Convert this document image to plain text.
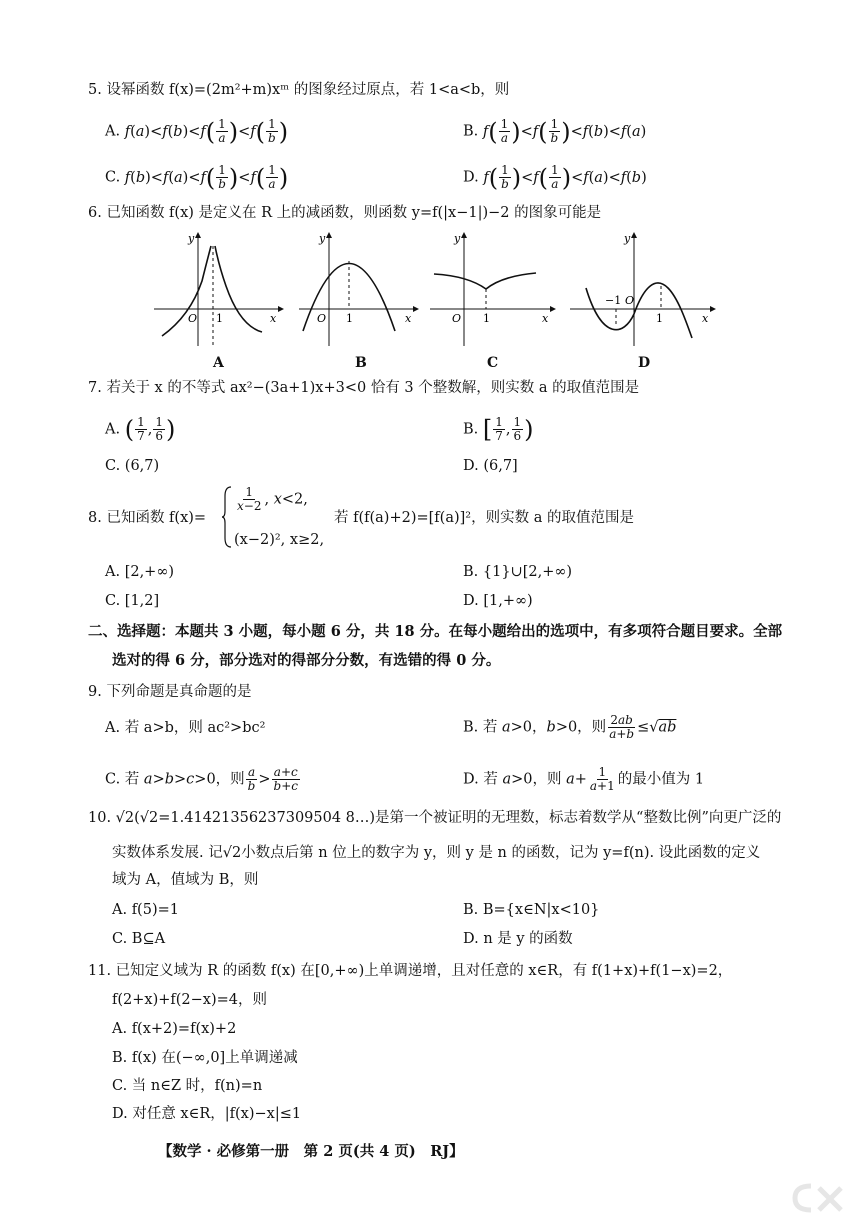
5. 设幂函数 f(x)=(2m²+m)xᵐ 的图象经过原点，若 1<a<b，则
A. $f(a)<f(b)<f( \frac{1}{a} )<f( \frac{1}{b}$ )	B. $f( \frac{1}{a} )<f( \frac{1}{b} )<f(b)<f(a)$
C. $f(b)<f(a)<f( \frac{1}{b} )<f( \frac{1}{a}$ )	D. $f( \frac{1}{b} )<f( \frac{1}{a} )<f(a)<f(b)$
6. 已知函数 f(x) 是定义在 R 上的减函数，则函数 y=f(|x−1|)−2 的图象可能是
y
x
O 1
y
x
O 1
y
x
O 1
y
x
O
−1
1
A	B	C	D
7. 若关于 x 的不等式 ax²−(3a+1)x+3<0 恰有 3 个整数解，则实数 a 的取值范围是
A. ( $\frac{1}{7}$ , $\frac{1}{6}$ )	B. [ $\frac{1}{7}$ , $\frac{1}{6}$ )
C. (6,7)	D. (6,7]
8. 已知函数 f(x)=
$\frac{1}{x-2}$ , x<2,
(x−2)², x≥2,
若 f(f(a)+2)=[f(a)]²，则实数 a 的取值范围是
A. [2,+∞)	B. {1}∪[2,+∞)
C. [1,2]	D. [1,+∞)
二、选择题：本题共 3 小题，每小题 6 分，共 18 分。在每小题给出的选项中，有多项符合题目要求。全部
选对的得 6 分，部分选对的得部分分数，有选错的得 0 分。
9. 下列命题是真命题的是
A. 若 a>b，则 ac²>bc²	B. 若 a>0，b>0，则 $\frac{2ab}{a+b} \le√ab$
C. 若 a>b>c>0，则 $\frac{a}{b} > \frac{a+c}{b+c}$	D. 若 a>0，则 $a+ \frac{1}{a+1}$ 的最小值为 1
10. √2(√2=1.41421356237309504 8…)是第一个被证明的无理数，标志着数学从“整数比例”向更广泛的
实数体系发展. 记√2小数点后第 n 位上的数字为 y，则 y 是 n 的函数，记为 y=f(n). 设此函数的定义
域为 A，值域为 B，则
A. f(5)=1	B. B={x∈N|x<10}
C. B⊆A	D. n 是 y 的函数
11. 已知定义域为 R 的函数 f(x) 在[0,+∞)上单调递增，且对任意的 x∈R，有 f(1+x)+f(1−x)=2，
f(2+x)+f(2−x)=4，则
A. f(x+2)=f(x)+2
B. f(x) 在(−∞,0]上单调递减
C. 当 n∈Z 时，f(n)=n
D. 对任意 x∈R，|f(x)−x|≤1
【数学 · 必修第一册　第 2 页(共 4 页)　RJ】
